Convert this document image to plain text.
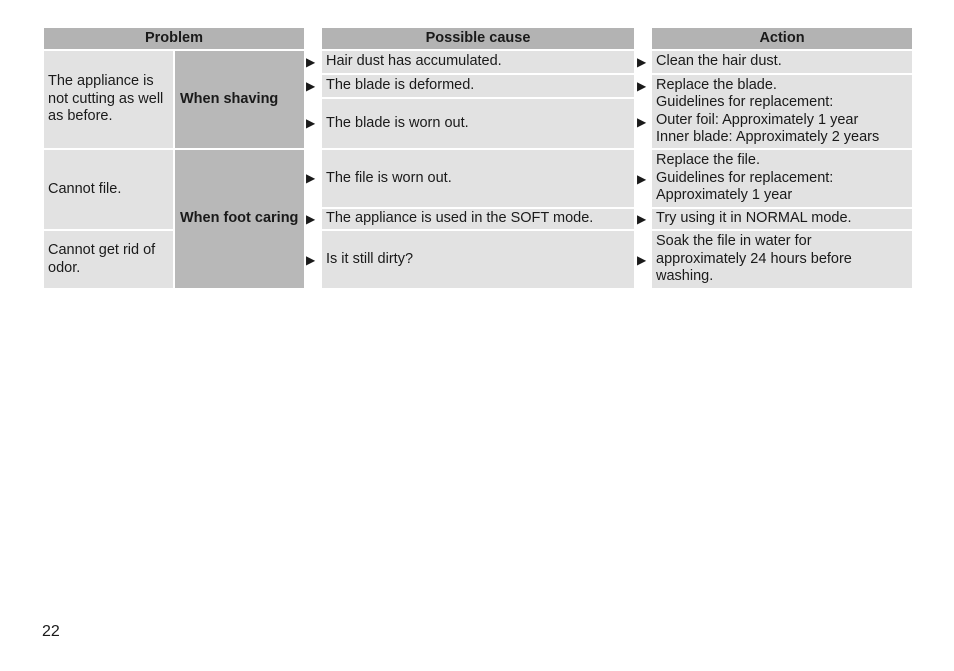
Problem	Possible cause	Action
The appliance is not cutting as well as before.
Cannot file.
Cannot get rid of odor.
When shaving
When foot caring
Hair dust has accumulated.
The blade is deformed.
The blade is worn out.
The file is worn out.
The appliance is used in the SOFT mode.
Is it still dirty?
▶
▶
▶
▶
▶
▶
Clean the hair dust.
Replace the blade.
Guidelines for replacement:
Outer foil: Approximately 1 year
Inner blade: Approximately 2 years
Replace the file.
Guidelines for replacement:
Approximately 1 year
Try using it in NORMAL mode.
Soak the file in water for
approximately 24 hours before
washing.
▶
▶
▶
▶
▶
▶
22
